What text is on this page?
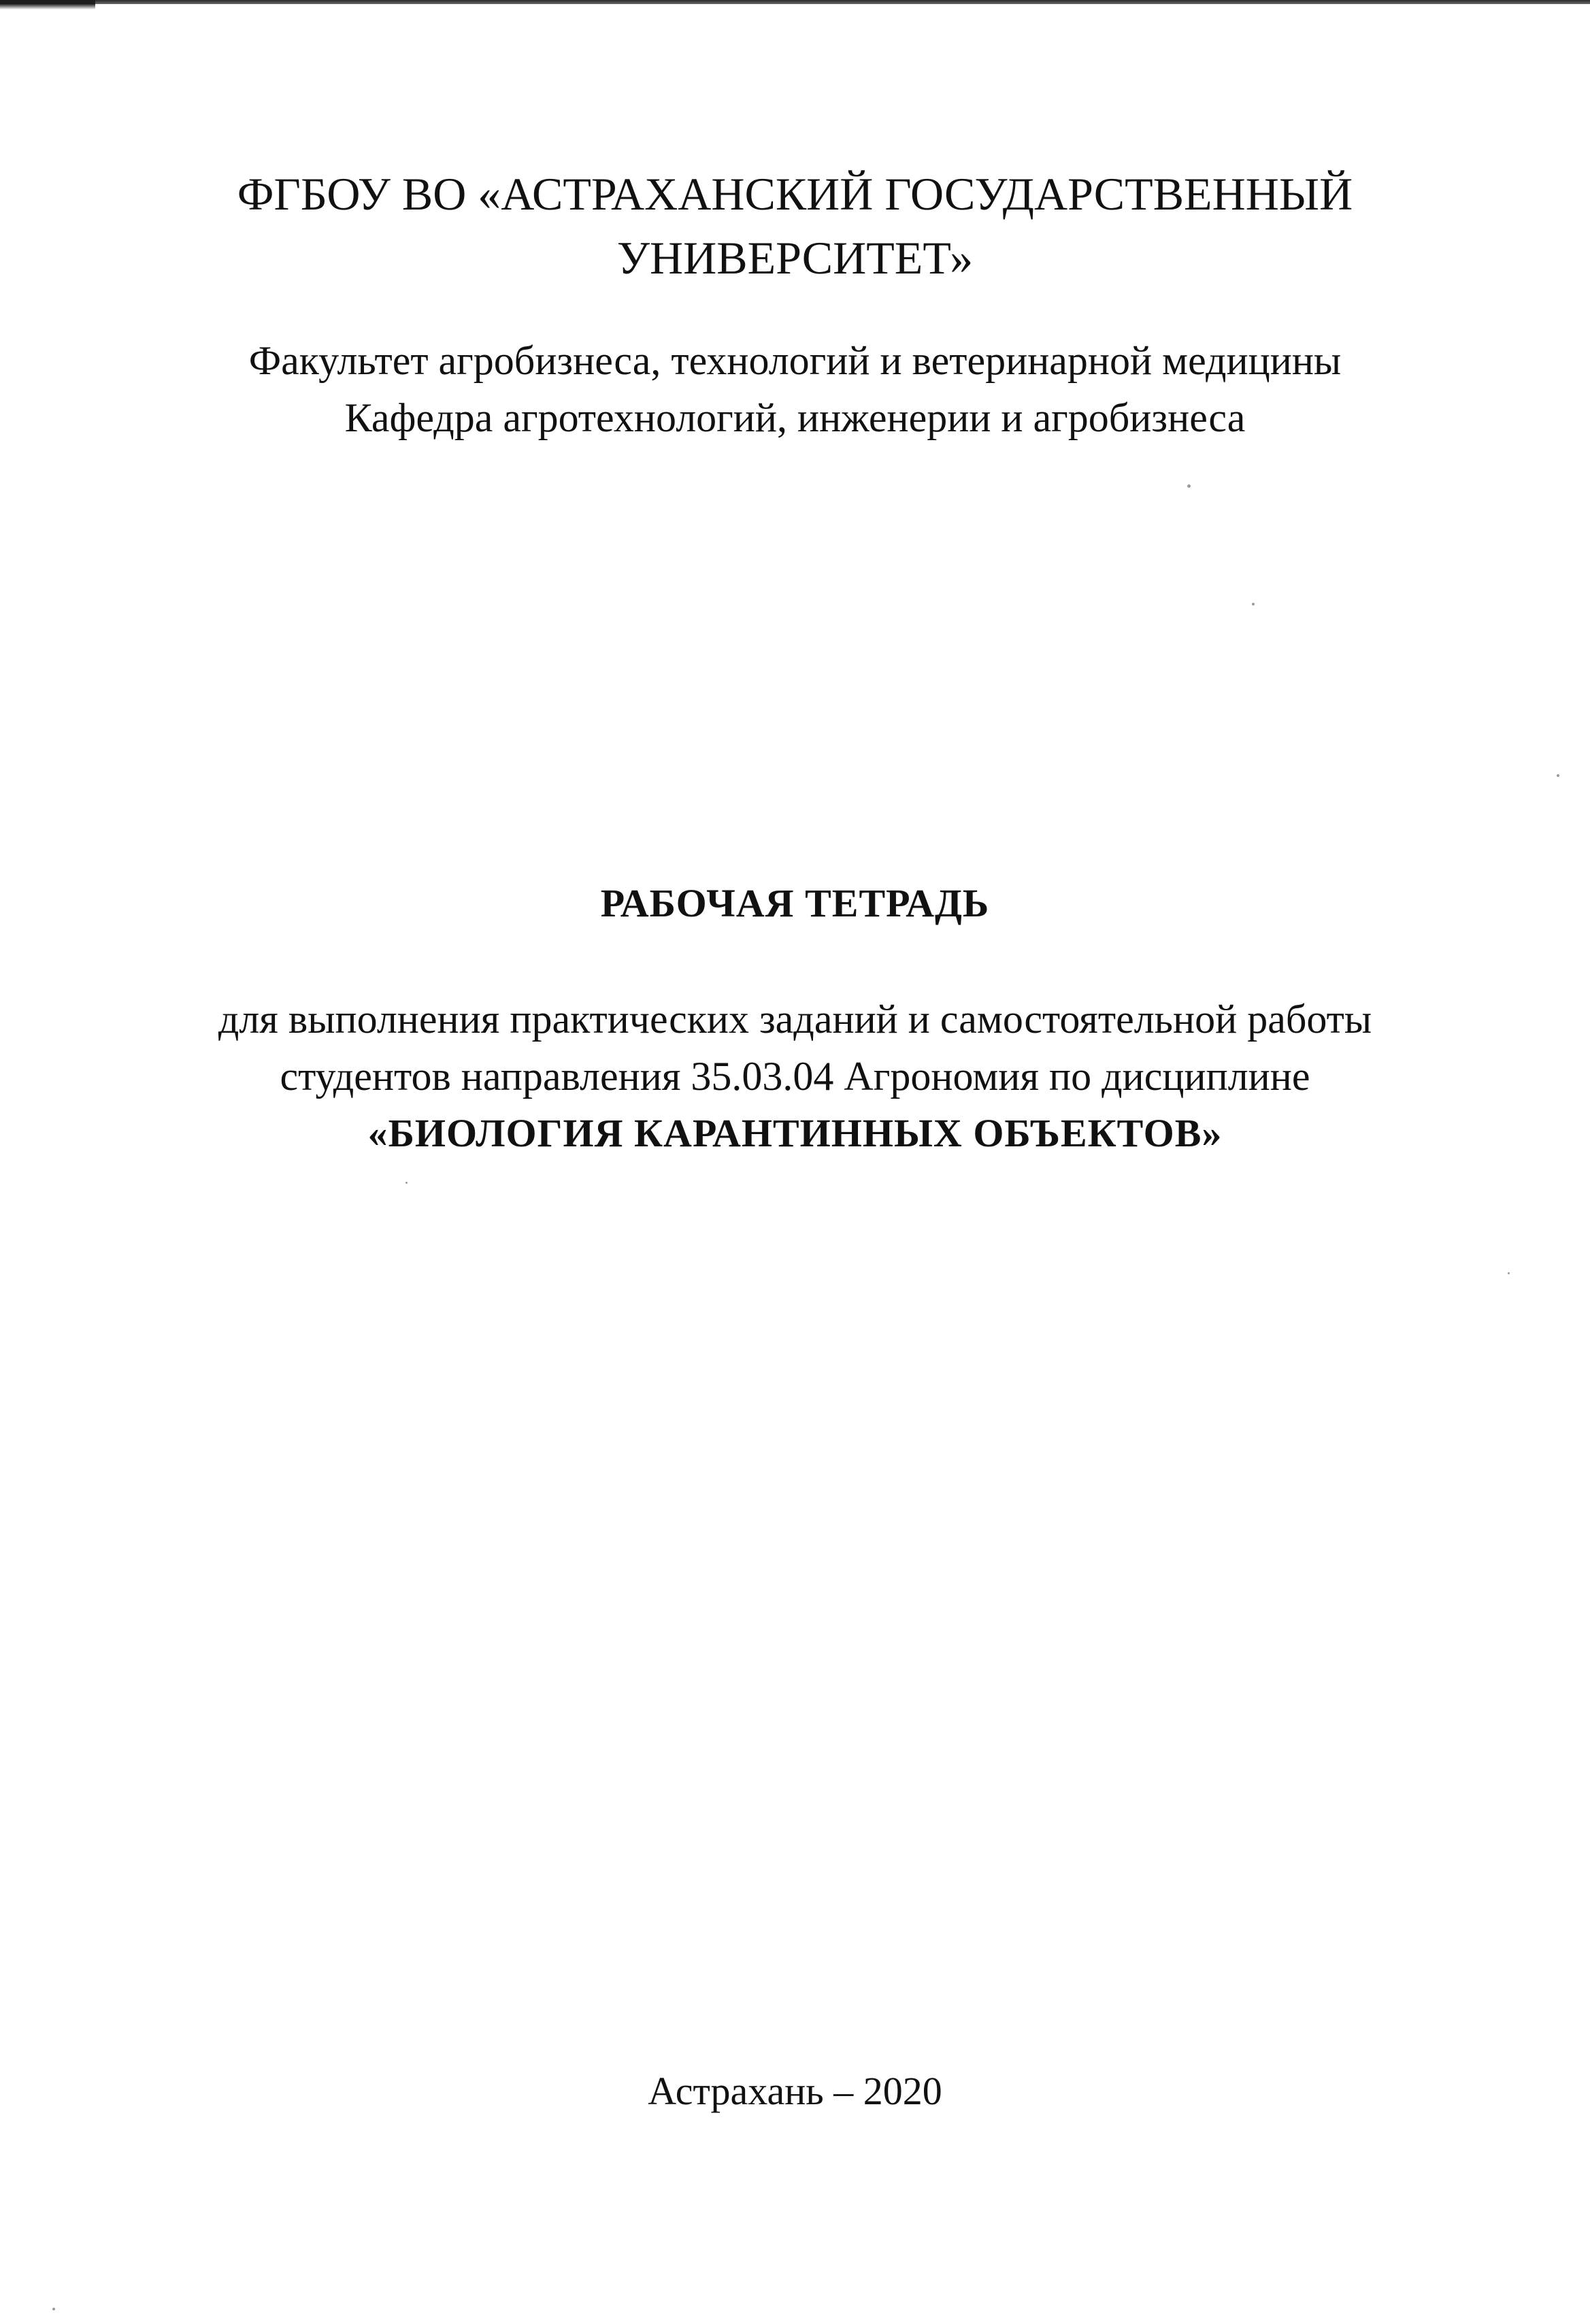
ФГБОУ ВО «АСТРАХАНСКИЙ ГОСУДАРСТВЕННЫЙ
УНИВЕРСИТЕТ»
Факультет агробизнеса, технологий и ветеринарной медицины
Кафедра агротехнологий, инженерии и агробизнеса
РАБОЧАЯ ТЕТРАДЬ
для выполнения практических заданий и самостоятельной работы
студентов направления 35.03.04 Агрономия по дисциплине
«БИОЛОГИЯ КАРАНТИННЫХ ОБЪЕКТОВ»
Астрахань – 2020
